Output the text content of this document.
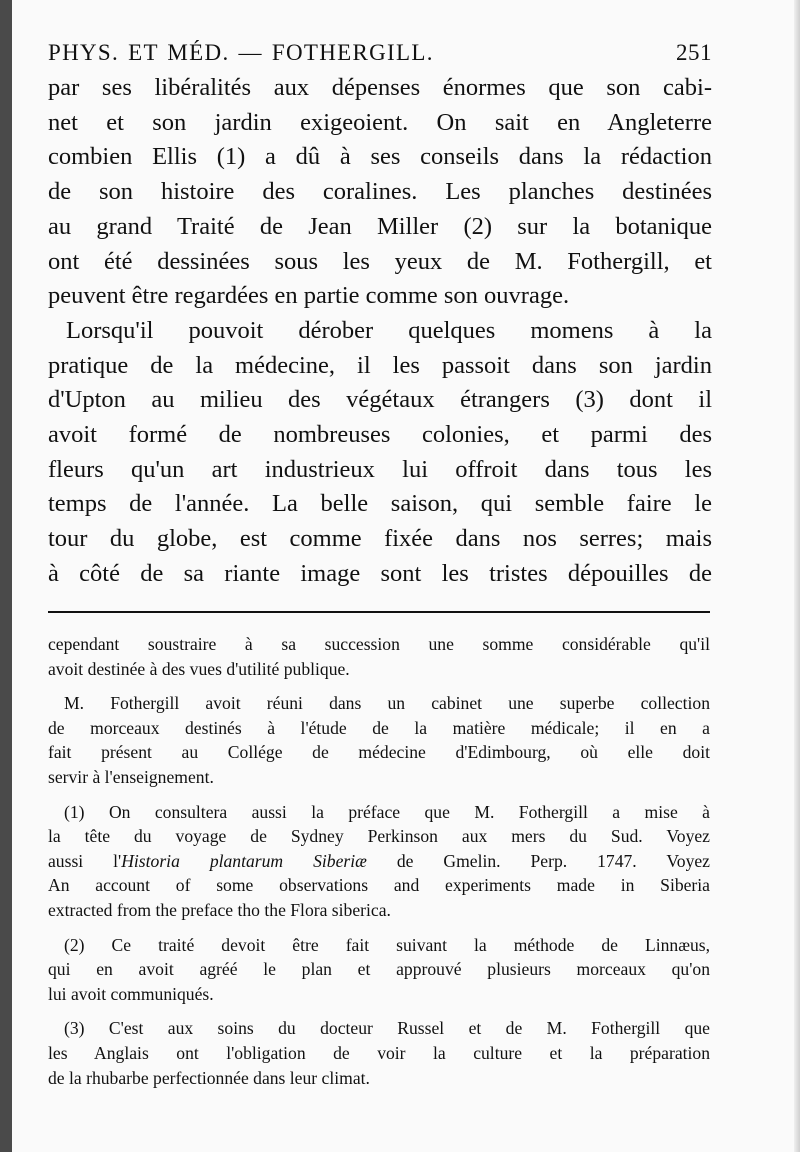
PHYS. ET MÉD. — FOTHERGILL.	251
par ses libéralités aux dépenses énormes que son cabi-
net et son jardin exigeoient. On sait en Angleterre
combien Ellis (1) a dû à ses conseils dans la rédaction
de son histoire des coralines. Les planches destinées
au grand Traité de Jean Miller (2) sur la botanique
ont été dessinées sous les yeux de M. Fothergill, et
peuvent être regardées en partie comme son ouvrage.
Lorsqu'il pouvoit dérober quelques momens à la
pratique de la médecine, il les passoit dans son jardin
d'Upton au milieu des végétaux étrangers (3) dont il
avoit formé de nombreuses colonies, et parmi des
fleurs qu'un art industrieux lui offroit dans tous les
temps de l'année. La belle saison, qui semble faire le
tour du globe, est comme fixée dans nos serres; mais
à côté de sa riante image sont les tristes dépouilles de
cependant soustraire à sa succession une somme considérable qu'il
avoit destinée à des vues d'utilité publique.
M. Fothergill avoit réuni dans un cabinet une superbe collection
de morceaux destinés à l'étude de la matière médicale; il en a
fait présent au Collége de médecine d'Edimbourg, où elle doit
servir à l'enseignement.
(1) On consultera aussi la préface que M. Fothergill a mise à
la tête du voyage de Sydney Perkinson aux mers du Sud. Voyez
aussi l'Historia plantarum Siberiæ de Gmelin. Perp. 1747. Voyez
An account of some observations and experiments made in Siberia
extracted from the preface tho the Flora siberica.
(2) Ce traité devoit être fait suivant la méthode de Linnæus,
qui en avoit agréé le plan et approuvé plusieurs morceaux qu'on
lui avoit communiqués.
(3) C'est aux soins du docteur Russel et de M. Fothergill que
les Anglais ont l'obligation de voir la culture et la préparation
de la rhubarbe perfectionnée dans leur climat.
